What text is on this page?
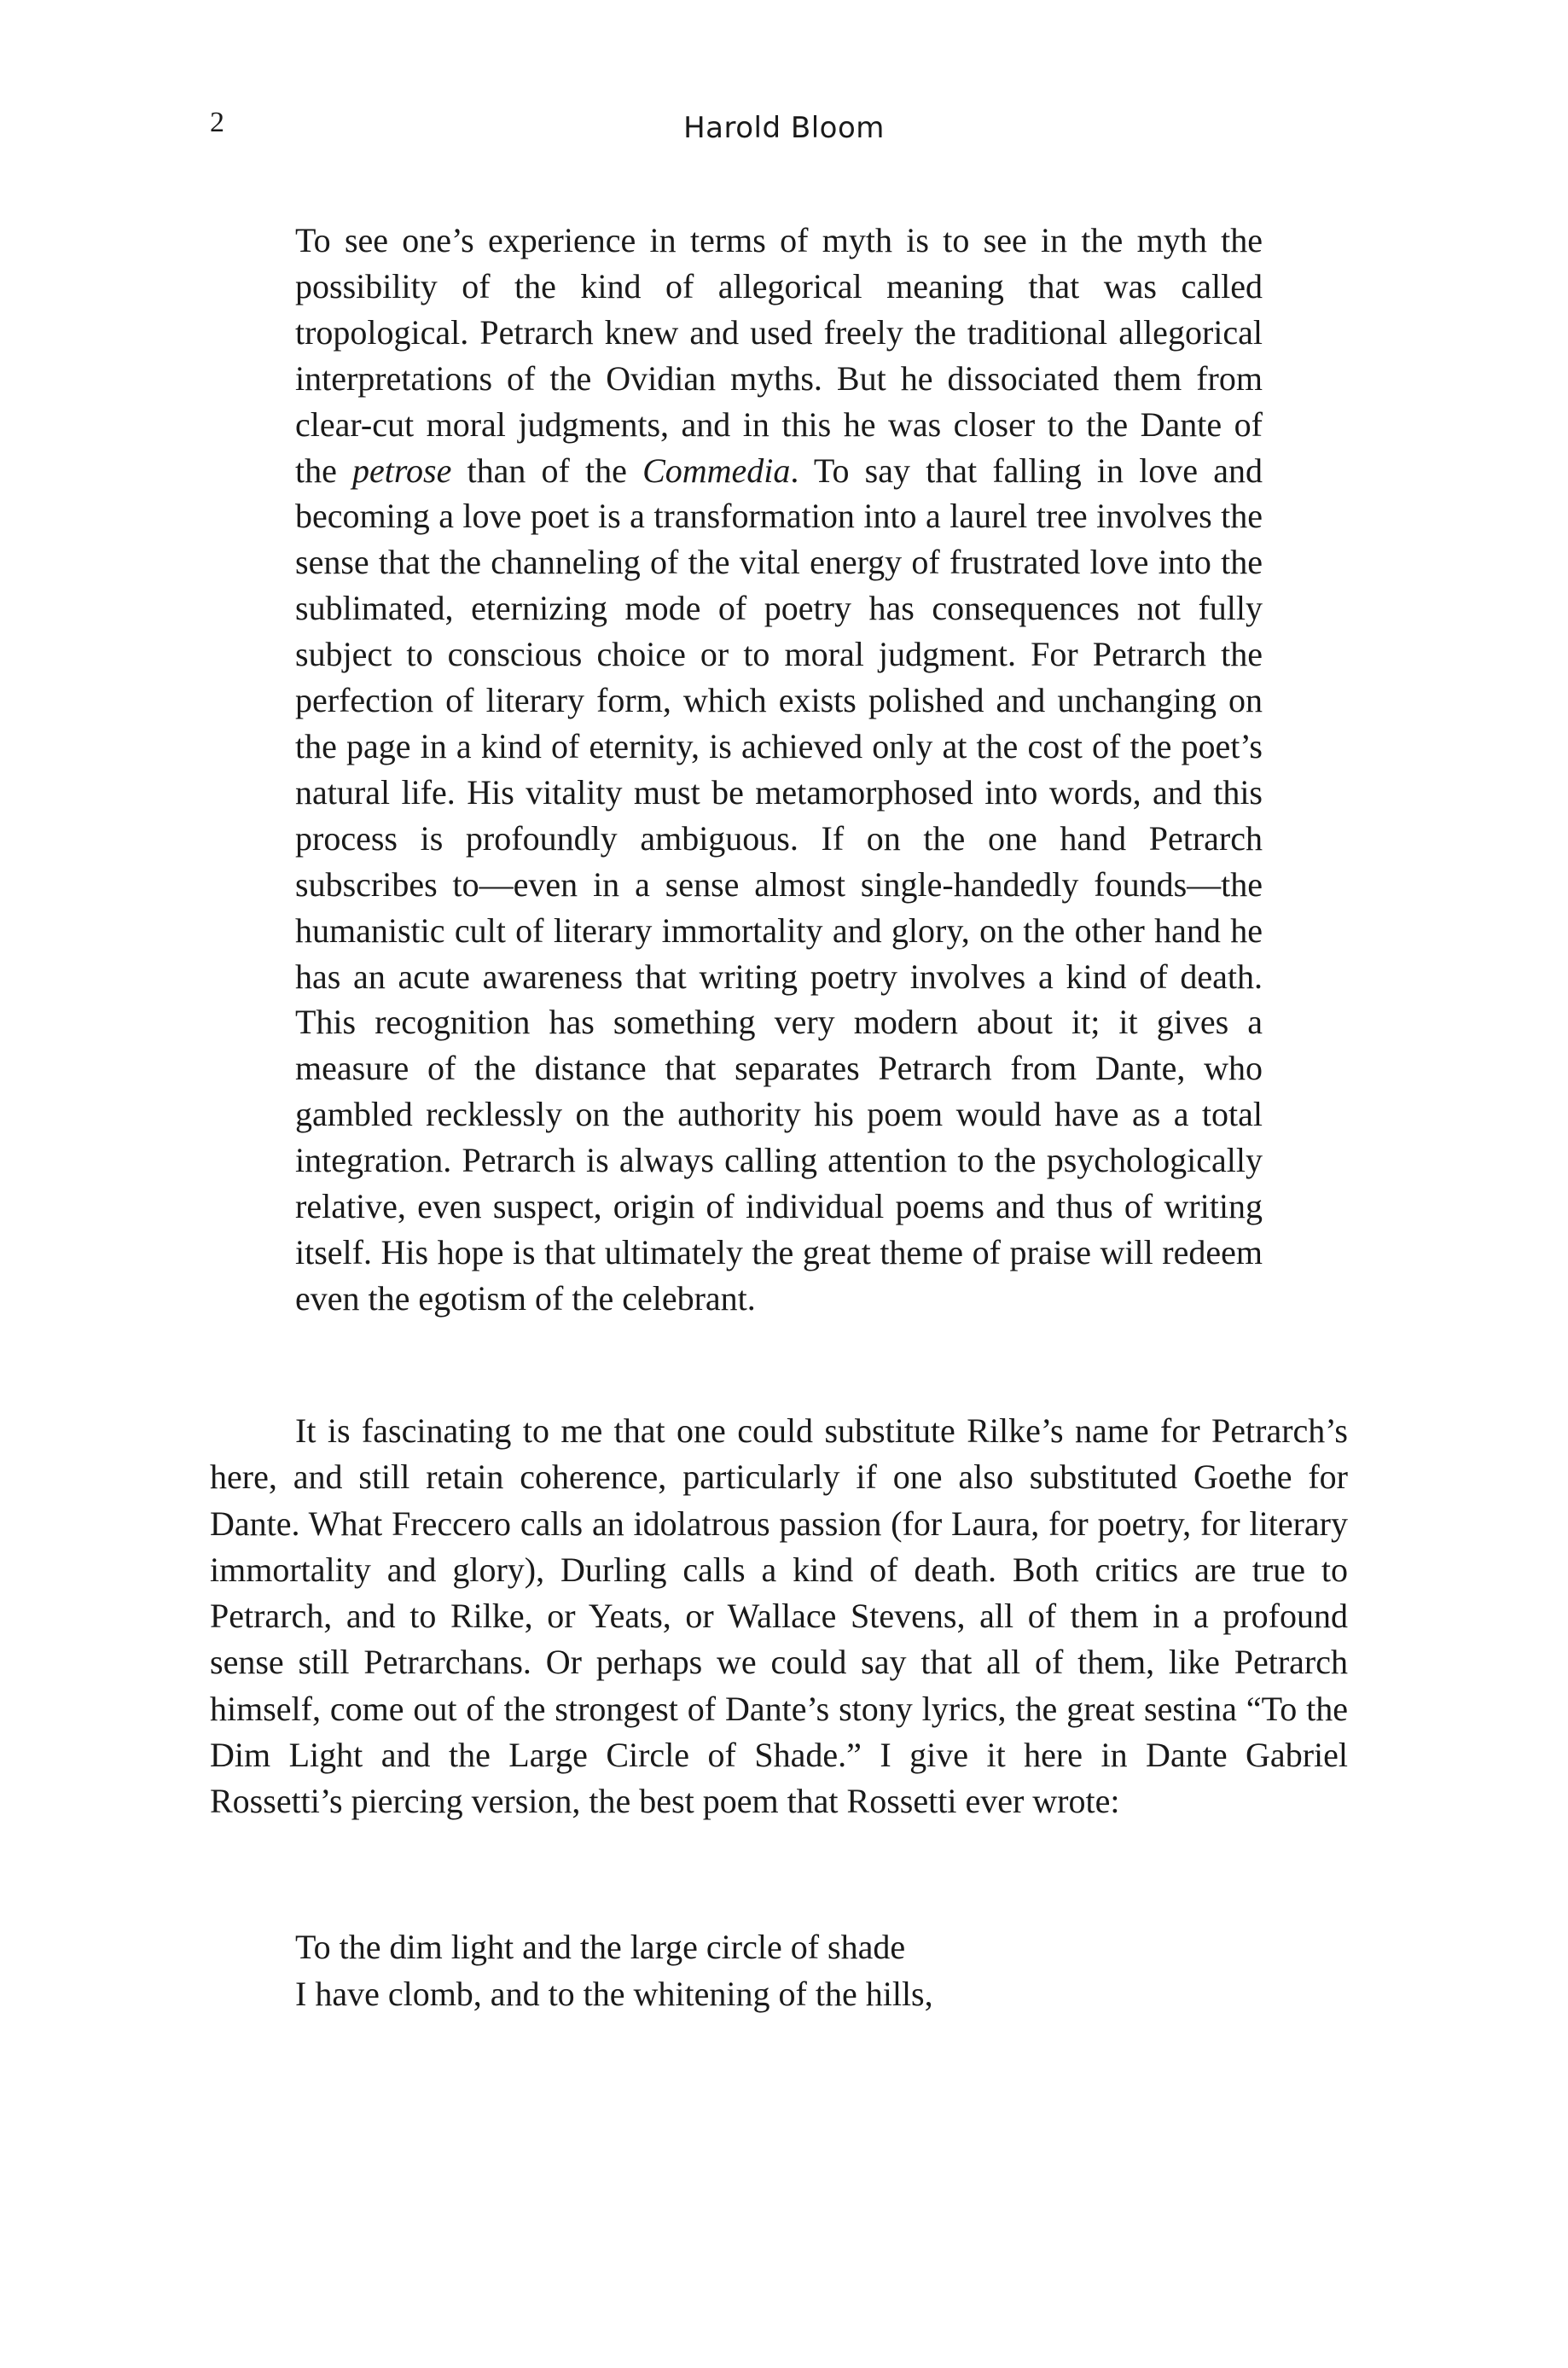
2	Harold Bloom

To see one’s experience in terms of myth is to see in the myth the possibility of the kind of allegorical meaning that was called tropological. Petrarch knew and used freely the traditional allegorical interpretations of the Ovidian myths. But he dissociated them from clear-cut moral judgments, and in this he was closer to the Dante of the petrose than of the Commedia. To say that falling in love and becoming a love poet is a transformation into a laurel tree involves the sense that the channeling of the vital energy of frustrated love into the sublimated, eternizing mode of poetry has consequences not fully subject to conscious choice or to moral judgment. For Petrarch the perfection of literary form, which exists polished and unchanging on the page in a kind of eternity, is achieved only at the cost of the poet’s natural life. His vitality must be metamorphosed into words, and this process is profoundly ambiguous. If on the one hand Petrarch subscribes to—even in a sense almost single-handedly founds—the humanistic cult of literary immortality and glory, on the other hand he has an acute awareness that writing poetry involves a kind of death. This recognition has something very modern about it; it gives a measure of the distance that separates Petrarch from Dante, who gambled recklessly on the authority his poem would have as a total integration. Petrarch is always calling attention to the psychologically relative, even suspect, origin of individual poems and thus of writing itself. His hope is that ultimately the great theme of praise will redeem even the egotism of the celebrant.

It is fascinating to me that one could substitute Rilke’s name for Petrarch’s here, and still retain coherence, particularly if one also substituted Goethe for Dante. What Freccero calls an idolatrous passion (for Laura, for poetry, for literary immortality and glory), Durling calls a kind of death. Both critics are true to Petrarch, and to Rilke, or Yeats, or Wallace Stevens, all of them in a profound sense still Petrarchans. Or perhaps we could say that all of them, like Petrarch himself, come out of the strongest of Dante’s stony lyrics, the great sestina “To the Dim Light and the Large Circle of Shade.” I give it here in Dante Gabriel Rossetti’s piercing version, the best poem that Rossetti ever wrote:

To the dim light and the large circle of shade
I have clomb, and to the whitening of the hills,
